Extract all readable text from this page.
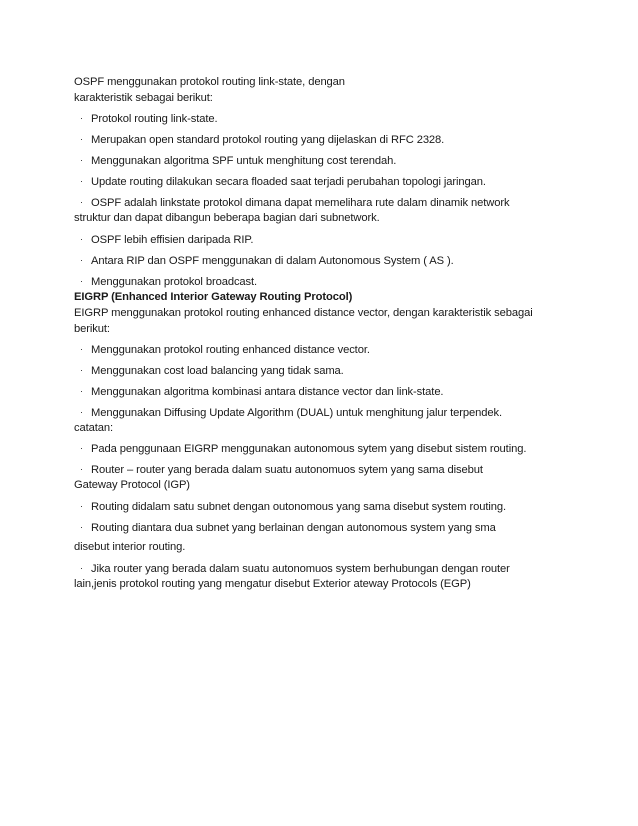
OSPF menggunakan protokol routing link-state, dengan
karakteristik sebagai berikut:
· Protokol routing link-state.
· Merupakan open standard protokol routing yang dijelaskan di RFC 2328.
· Menggunakan algoritma SPF untuk menghitung cost terendah.
· Update routing dilakukan secara floaded saat terjadi perubahan topologi jaringan.
· OSPF adalah linkstate protokol dimana dapat memelihara rute dalam dinamik network
struktur dan dapat dibangun beberapa bagian dari subnetwork.
· OSPF lebih effisien daripada RIP.
· Antara RIP dan OSPF menggunakan di dalam Autonomous System ( AS ).
· Menggunakan protokol broadcast.
EIGRP (Enhanced Interior Gateway Routing Protocol)
EIGRP menggunakan protokol routing enhanced distance vector, dengan karakteristik sebagai
berikut:
· Menggunakan protokol routing enhanced distance vector.
· Menggunakan cost load balancing yang tidak sama.
· Menggunakan algoritma kombinasi antara distance vector dan link-state.
· Menggunakan Diffusing Update Algorithm (DUAL) untuk menghitung jalur terpendek.
catatan:
· Pada penggunaan EIGRP menggunakan autonomous sytem yang disebut sistem routing.
· Router – router yang berada dalam suatu autonomuos sytem yang sama disebut
Gateway Protocol (IGP)
· Routing didalam satu subnet dengan outonomous yang sama disebut system routing.
· Routing diantara dua subnet yang berlainan dengan autonomous system yang sma
disebut interior routing.
· Jika router yang berada dalam suatu autonomuos system berhubungan dengan router
lain,jenis protokol routing yang mengatur disebut Exterior ateway Protocols (EGP)
